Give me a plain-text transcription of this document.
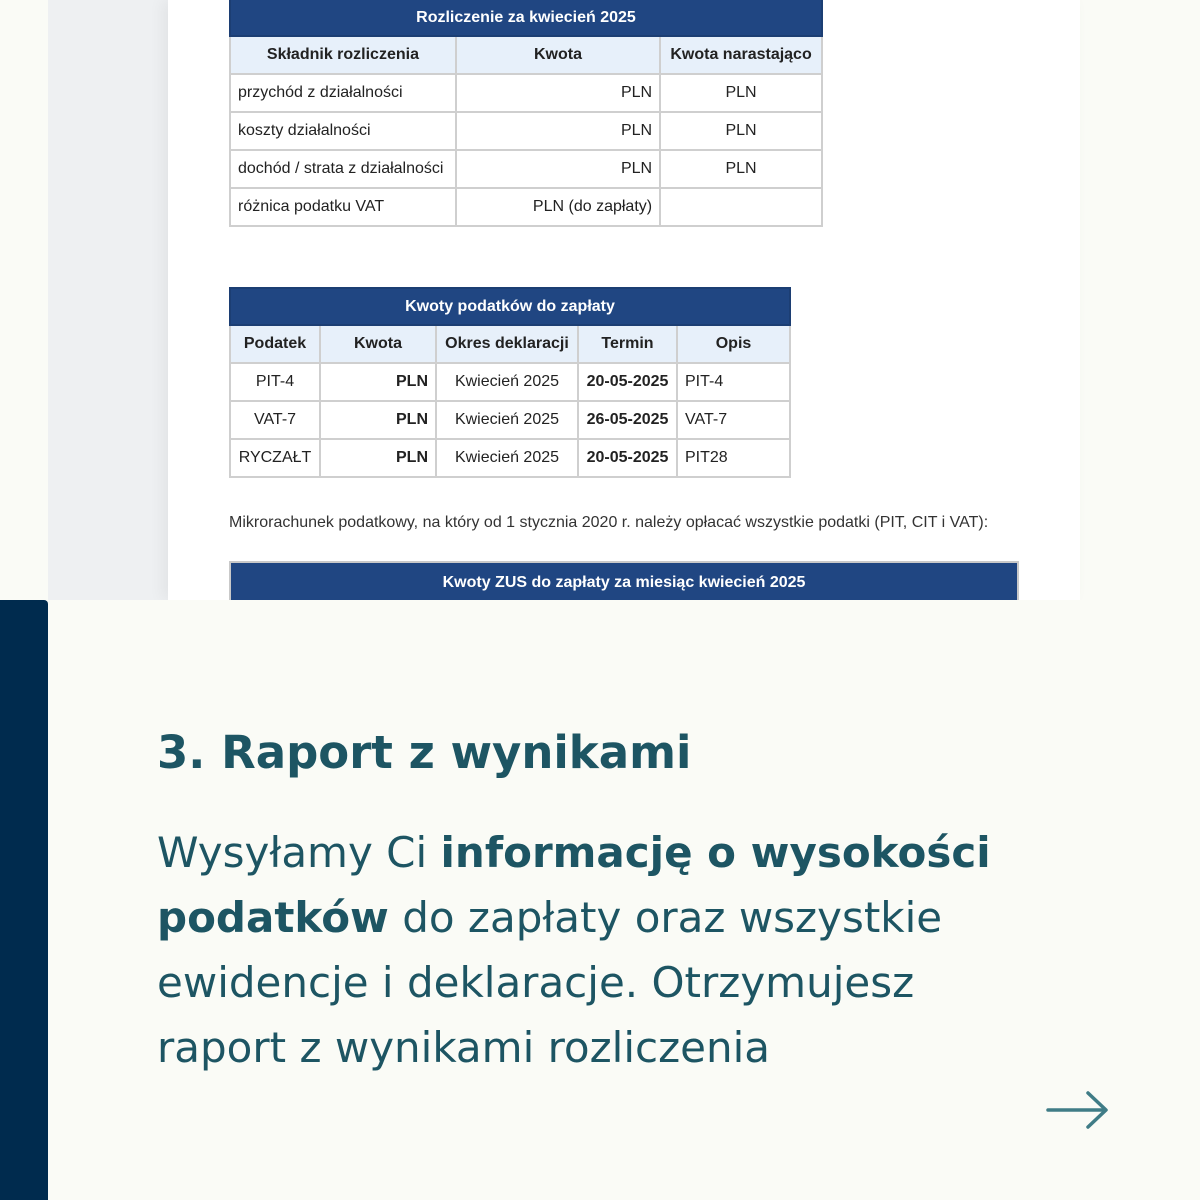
Rozliczenie za kwiecień 2025		
Składnik rozliczenia	Kwota	Kwota narastająco
przychód z działalności	PLN	PLN
koszty działalności	PLN	PLN
dochód / strata z działalności	PLN	PLN
różnica podatku VAT	PLN (do zapłaty)	
Kwoty podatków do zapłaty				
Podatek	Kwota	Okres deklaracji	Termin	Opis
PIT-4	PLN	Kwiecień 2025	20-05-2025	PIT-4
VAT-7	PLN	Kwiecień 2025	26-05-2025	VAT-7
RYCZAŁT	PLN	Kwiecień 2025	20-05-2025	PIT28
Mikrorachunek podatkowy, na który od 1 stycznia 2020 r. należy opłacać wszystkie podatki (PIT, CIT i VAT):
Kwoty ZUS do zapłaty za miesiąc kwiecień 2025
3. Raport z wynikami

Wysyłamy Ci informację o wysokości podatków do zapłaty oraz wszystkie ewidencje i deklaracje. Otrzymujesz raport z wynikami rozliczenia
